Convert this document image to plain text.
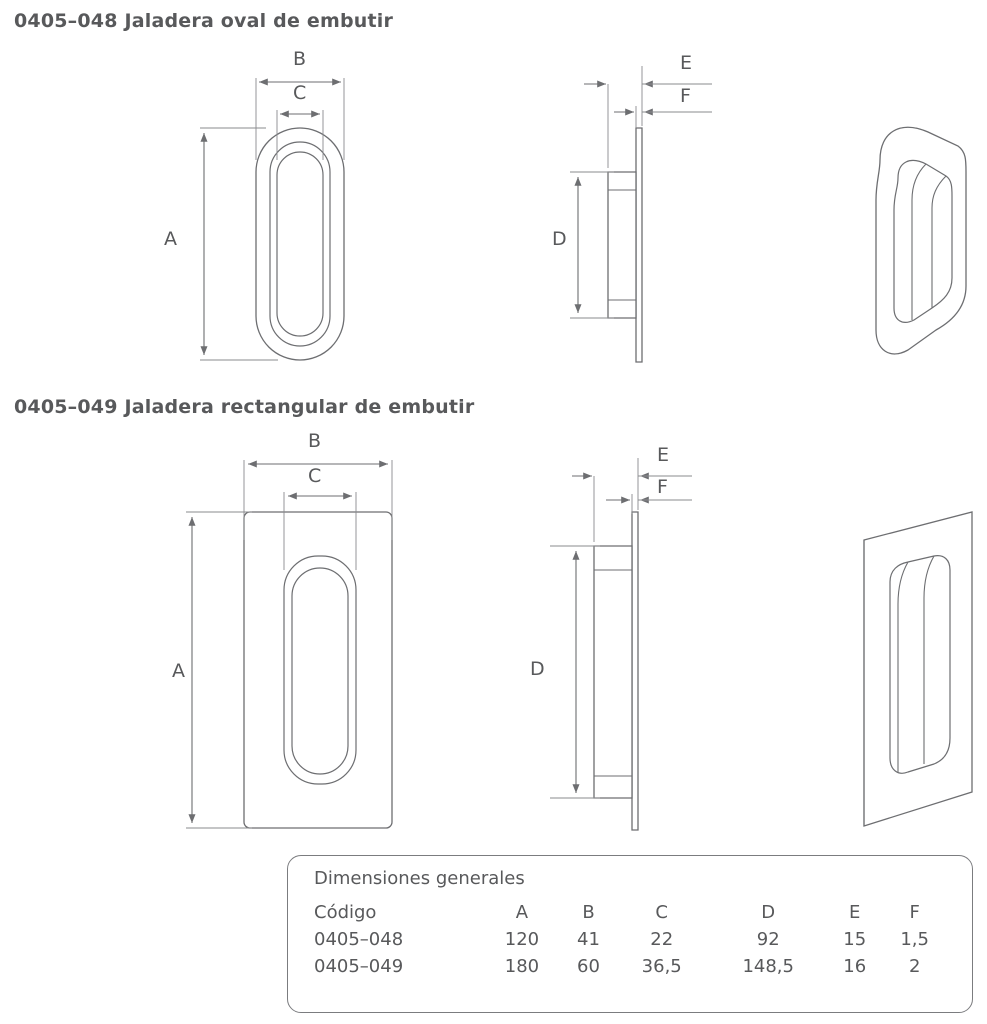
0405–048 Jaladera oval de embutir
0405–049 Jaladera rectangular de embutir
A
B
C
D
E
F
A
B
C
D
E
F
Dimensiones generales
Código	A	B	C	D	E	F
0405–048	120	41	22	92	15	1,5
0405–049	180	60	36,5	148,5	16	2
